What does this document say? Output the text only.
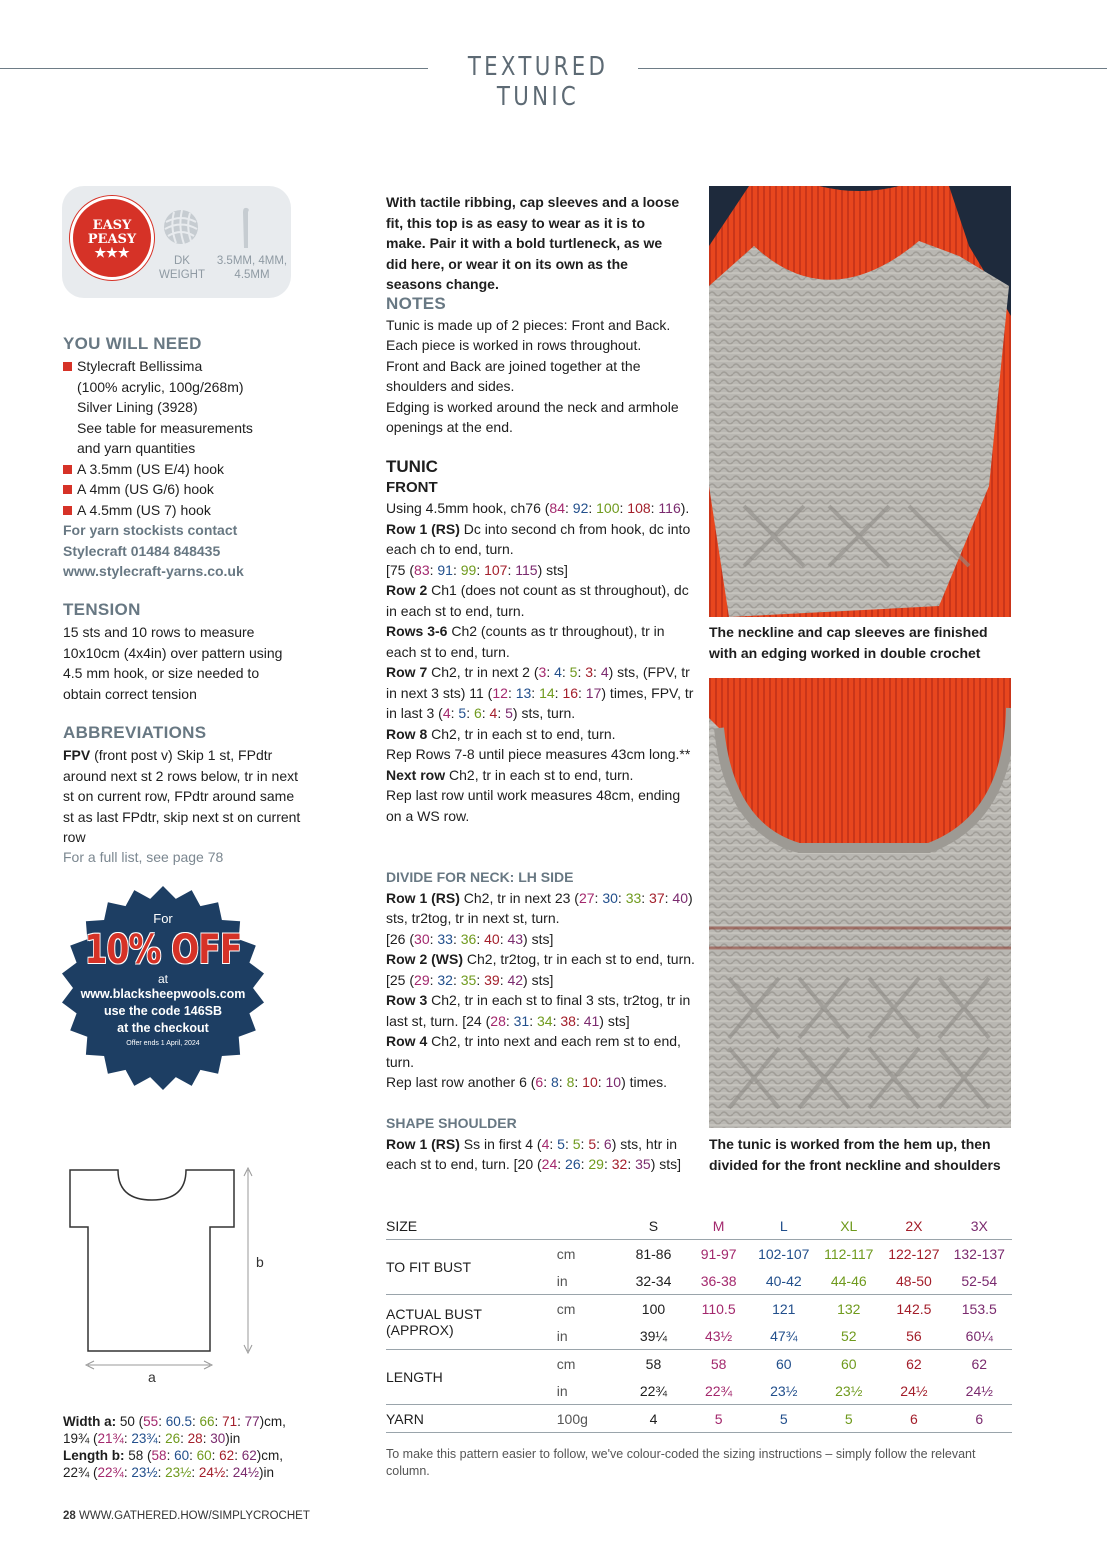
TEXTURED TUNIC
EASY
PEASY
★★★	DK
WEIGHT
3.5MM, 4MM,
4.5MM
YOU WILL NEED
Stylecraft Bellissima
(100% acrylic, 100g/268m)
Silver Lining (3928)
See table for measurements
and yarn quantities
A 3.5mm (US E/4) hook
A 4mm (US G/6) hook
A 4.5mm (US 7) hook
For yarn stockists contact
Stylecraft 01484 848435
www.stylecraft-yarns.co.uk
TENSION
15 sts and 10 rows to measure 10x10cm (4x4in) over pattern using 4.5 mm hook, or size needed to obtain correct tension
ABBREVIATIONS
FPV (front post v) Skip 1 st, FPdtr around next st 2 rows below, tr in next st on current row, FPdtr around same st as last FPdtr, skip next st on current row
For a full list, see page 78
For
10% OFF
at
www.blacksheepwools.com
use the code 146SB
at the checkout
Offer ends 1 April, 2024
b
a
Width a: 50 (55: 60.5: 66: 71: 77)cm,
19¾ (21¾: 23¾: 26: 28: 30)in
Length b: 58 (58: 60: 60: 62: 62)cm,
22¾ (22¾: 23½: 23½: 24½: 24½)in
With tactile ribbing, cap sleeves and a loose fit, this top is as easy to wear as it is to make. Pair it with a bold turtleneck, as we did here, or wear it on its own as the seasons change.
NOTES
Tunic is made up of 2 pieces: Front and Back.
Each piece is worked in rows throughout.
Front and Back are joined together at the shoulders and sides.
Edging is worked around the neck and armhole openings at the end.
TUNIC
FRONT
Using 4.5mm hook, ch76 (84: 92: 100: 108: 116).
Row 1 (RS) Dc into second ch from hook, dc into each ch to end, turn.
[75 (83: 91: 99: 107: 115) sts]
Row 2 Ch1 (does not count as st throughout), dc in each st to end, turn.
Rows 3-6 Ch2 (counts as tr throughout), tr in each st to end, turn.
Row 7 Ch2, tr in next 2 (3: 4: 5: 3: 4) sts, (FPV, tr in next 3 sts) 11 (12: 13: 14: 16: 17) times, FPV, tr in last 3 (4: 5: 6: 4: 5) sts, turn.
Row 8 Ch2, tr in each st to end, turn.
Rep Rows 7-8 until piece measures 43cm long.**
Next row Ch2, tr in each st to end, turn.
Rep last row until work measures 48cm, ending on a WS row.
DIVIDE FOR NECK: LH SIDE
Row 1 (RS) Ch2, tr in next 23 (27: 30: 33: 37: 40) sts, tr2tog, tr in next st, turn.
[26 (30: 33: 36: 40: 43) sts]
Row 2 (WS) Ch2, tr2tog, tr in each st to end, turn. [25 (29: 32: 35: 39: 42) sts]
Row 3 Ch2, tr in each st to final 3 sts, tr2tog, tr in last st, turn. [24 (28: 31: 34: 38: 41) sts]
Row 4 Ch2, tr into next and each rem st to end, turn.
Rep last row another 6 (6: 8: 8: 10: 10) times.
SHAPE SHOULDER
Row 1 (RS) Ss in first 4 (4: 5: 5: 5: 6) sts, htr in each st to end, turn. [20 (24: 26: 29: 32: 35) sts]
The neckline and cap sleeves are finished with an edging worked in double crochet
The tunic is worked from the hem up, then divided for the front neckline and shoulders
SIZE		S	M	L	XL	2X	3X
TO FIT BUST	cm	81-86	91-97	102-107	112-117	122-127	132-137
	in	32-34	36-38	40-42	44-46	48-50	52-54
ACTUAL BUST
(APPROX)	cm	100	110.5	121	132	142.5	153.5
	in	39¼	43½	47¾	52	56	60¼
LENGTH	cm	58	58	60	60	62	62
	in	22¾	22¾	23½	23½	24½	24½
YARN	100g	4	5	5	5	6	6

To make this pattern easier to follow, we've colour-coded the sizing instructions – simply follow the relevant column.
28 WWW.GATHERED.HOW/SIMPLYCROCHET
